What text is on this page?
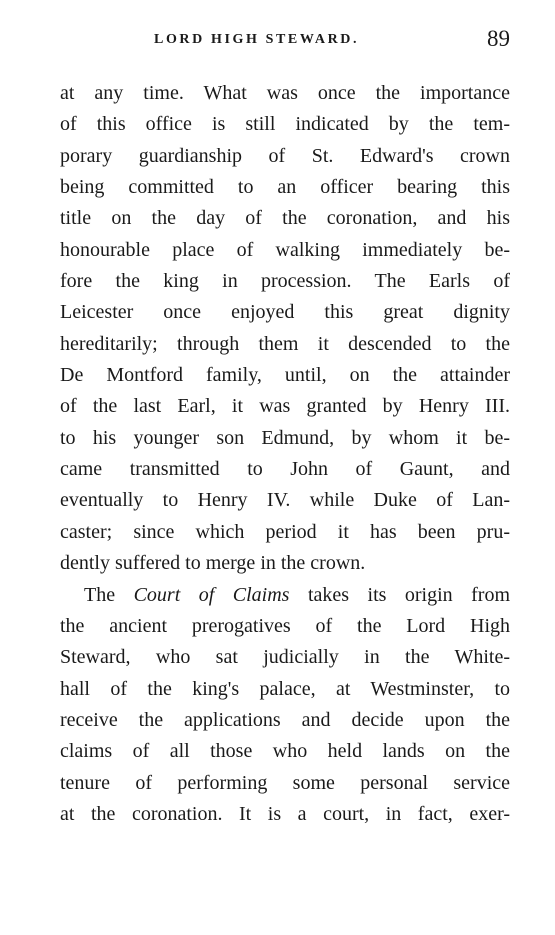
LORD HIGH STEWARD.	89
at any time. What was once the importance
of this office is still indicated by the tem-
porary guardianship of St. Edward's crown
being committed to an officer bearing this
title on the day of the coronation, and his
honourable place of walking immediately be-
fore the king in procession. The Earls of
Leicester once enjoyed this great dignity
hereditarily; through them it descended to the
De Montford family, until, on the attainder
of the last Earl, it was granted by Henry III.
to his younger son Edmund, by whom it be-
came transmitted to John of Gaunt, and
eventually to Henry IV. while Duke of Lan-
caster; since which period it has been pru-
dently suffered to merge in the crown.
The Court of Claims takes its origin from
the ancient prerogatives of the Lord High
Steward, who sat judicially in the White-
hall of the king's palace, at Westminster, to
receive the applications and decide upon the
claims of all those who held lands on the
tenure of performing some personal service
at the coronation. It is a court, in fact, exer-
